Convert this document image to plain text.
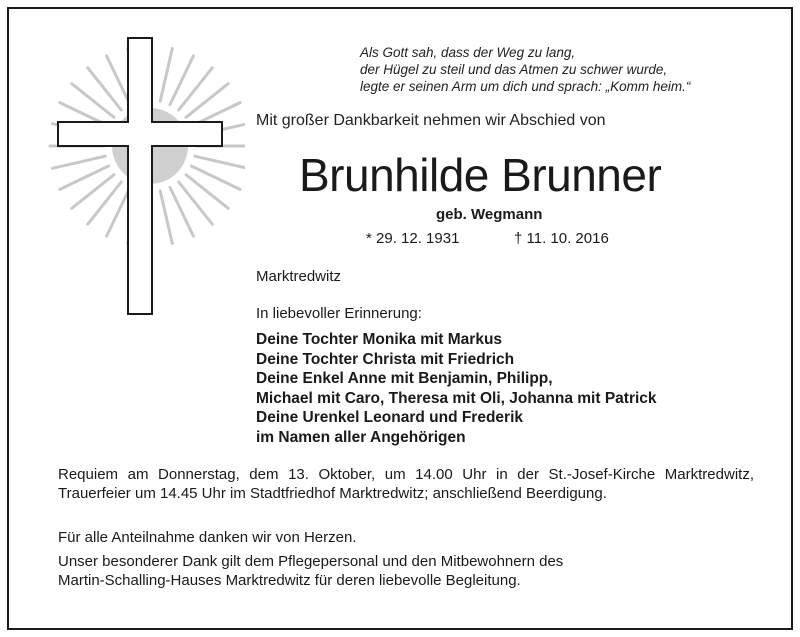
Als Gott sah, dass der Weg zu lang,
der Hügel zu steil und das Atmen zu schwer wurde,
legte er seinen Arm um dich und sprach: „Komm heim.“
Mit großer Dankbarkeit nehmen wir Abschied von
Brunhilde Brunner
geb. Wegmann
* 29. 12. 1931	† 11. 10. 2016
Marktredwitz
In liebevoller Erinnerung:
Deine Tochter Monika mit Markus
Deine Tochter Christa mit Friedrich
Deine Enkel Anne mit Benjamin, Philipp,
Michael mit Caro, Theresa mit Oli, Johanna mit Patrick
Deine Urenkel Leonard und Frederik
im Namen aller Angehörigen
Requiem am Donnerstag, dem 13. Oktober, um 14.00 Uhr in der St.-Josef-Kirche Marktredwitz, Trauerfeier um 14.45 Uhr im Stadtfriedhof Marktredwitz; anschließend Beerdigung.
Für alle Anteilnahme danken wir von Herzen.
Unser besonderer Dank gilt dem Pflegepersonal und den Mitbewohnern des
Martin-Schalling-Hauses Marktredwitz für deren liebevolle Begleitung.
